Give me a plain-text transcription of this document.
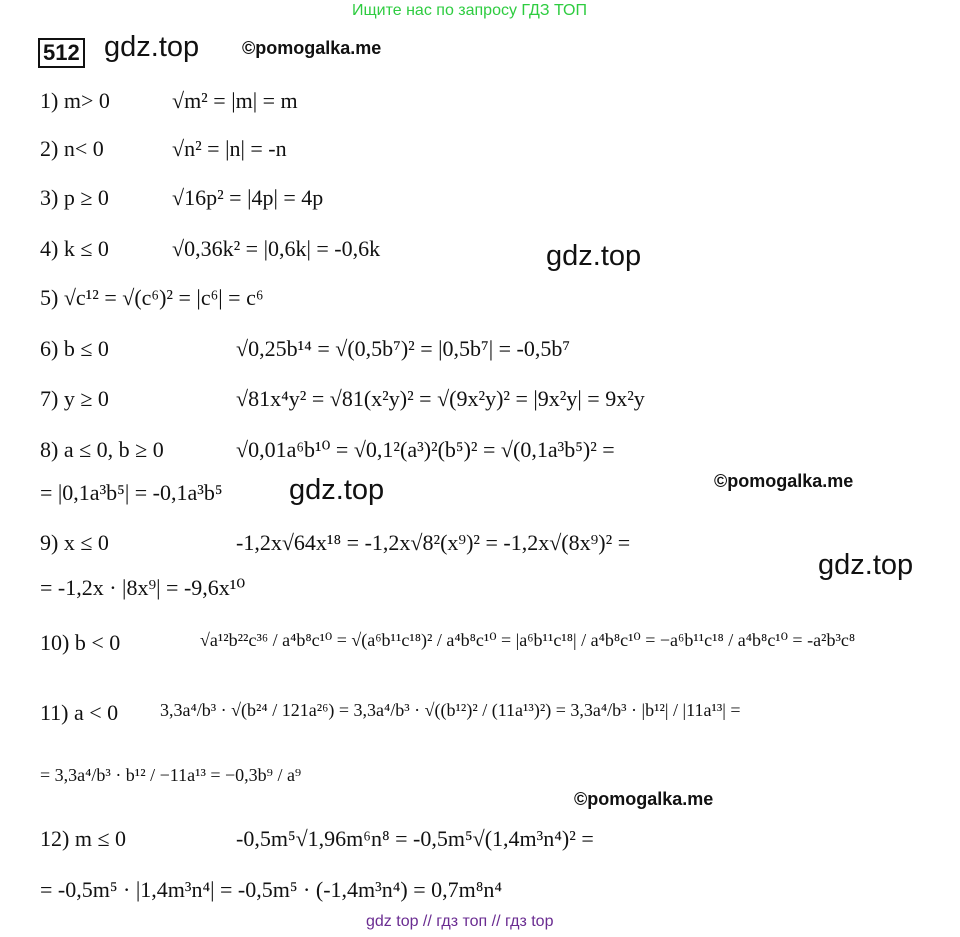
Ищите нас по запросу ГДЗ ТОП
512 gdz.top ©pomogalka.me
1) m> 0	√m² = |m| = m
2) n< 0	√n² = |n| = -n
3) p ≥ 0	√16p² = |4p| = 4p
4) k ≤ 0	√0,36k² = |0,6k| = -0,6k	gdz.top
5) √c¹² = √(c⁶)² = |c⁶| = c⁶
6) b ≤ 0	√0,25b¹⁴ = √(0,5b⁷)² = |0,5b⁷| = -0,5b⁷
7) y ≥ 0	√81x⁴y² = √81(x²y)² = √(9x²y)² = |9x²y| = 9x²y
8) a ≤ 0, b ≥ 0	√0,01a⁶b¹⁰ = √0,1²(a³)²(b⁵)² = √(0,1a³b⁵)² =
= |0,1a³b⁵| = -0,1a³b⁵ gdz.top	©pomogalka.me
9) x ≤ 0	-1,2x√64x¹⁸ = -1,2x√8²(x⁹)² = -1,2x√(8x⁹)² =
= -1,2x · |8x⁹| = -9,6x¹⁰
gdz.top
10) b < 0	√a¹²b²²c³⁶ / a⁴b⁸c¹⁰ = √(a⁶b¹¹c¹⁸)² / a⁴b⁸c¹⁰ = |a⁶b¹¹c¹⁸| / a⁴b⁸c¹⁰ = −a⁶b¹¹c¹⁸ / a⁴b⁸c¹⁰ = -a²b³c⁸
11) a < 0 3,3a⁴/b³ · √(b²⁴ / 121a²⁶) = 3,3a⁴/b³ · √((b¹²)² / (11a¹³)²) = 3,3a⁴/b³ · |b¹²| / |11a¹³| =
= 3,3a⁴/b³ · b¹² / −11a¹³ = −0,3b⁹ / a⁹
©pomogalka.me
12) m ≤ 0	-0,5m⁵√1,96m⁶n⁸ = -0,5m⁵√(1,4m³n⁴)² =
= -0,5m⁵ · |1,4m³n⁴| = -0,5m⁵ · (-1,4m³n⁴) = 0,7m⁸n⁴
gdz top // гдз топ // гдз top
